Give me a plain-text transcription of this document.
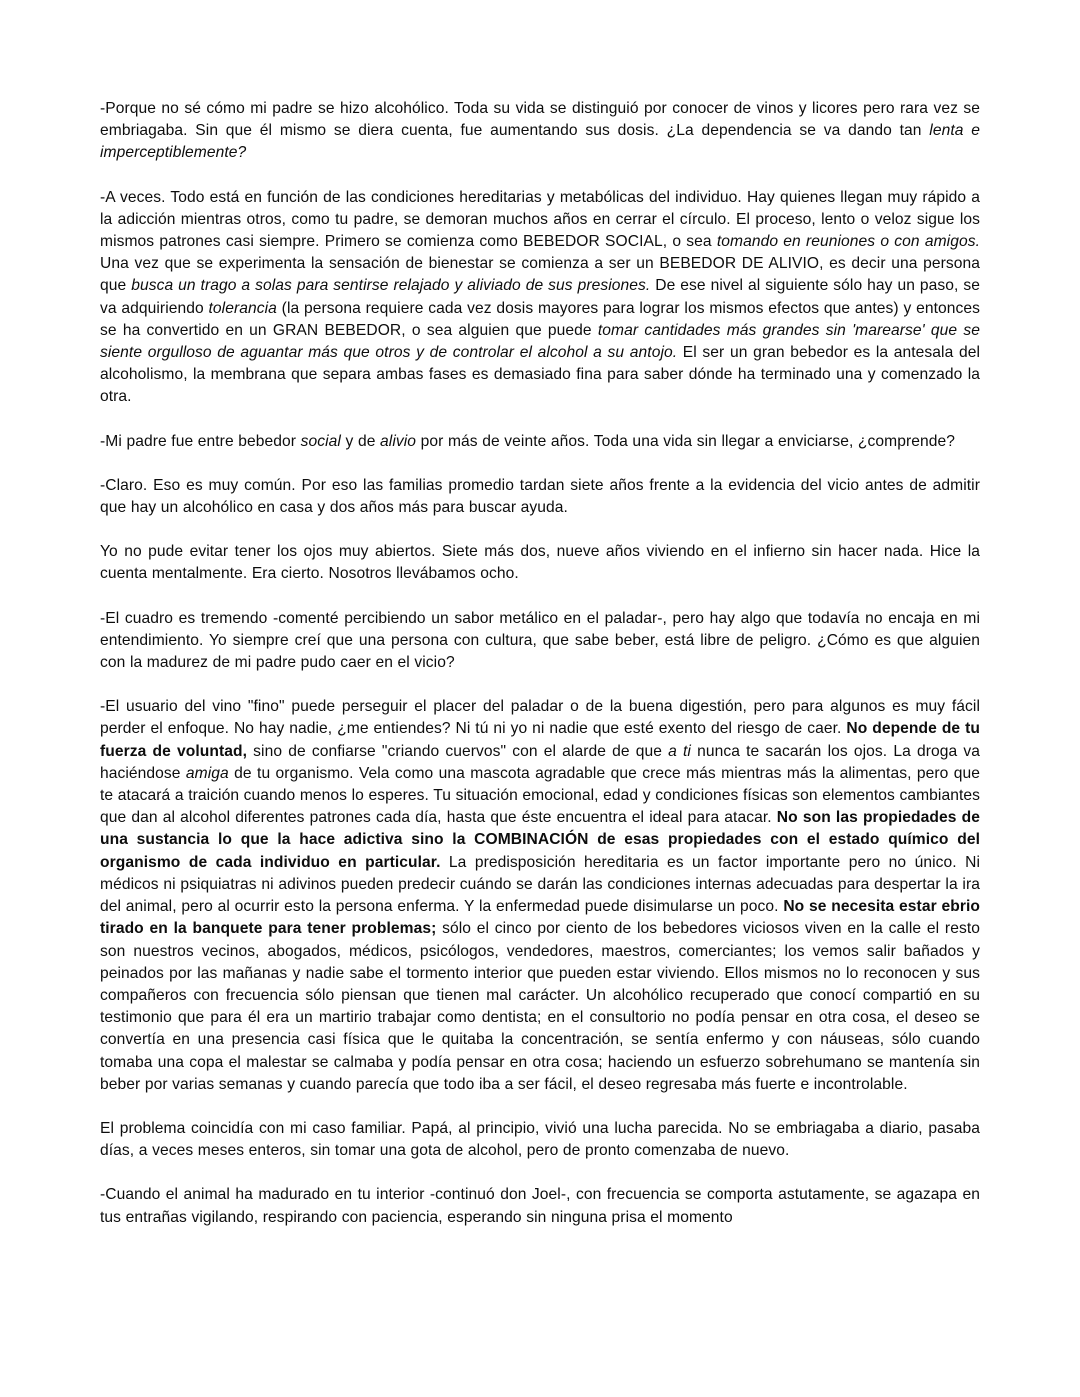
-Porque no sé cómo mi padre se hizo alcohólico. Toda su vida se distinguió por conocer de vinos y licores pero rara vez se embriagaba. Sin que él mismo se diera cuenta, fue aumentando sus dosis. ¿La dependencia se va dando tan lenta e imperceptiblemente?

-A veces. Todo está en función de las condiciones hereditarias y metabólicas del individuo. Hay quienes llegan muy rápido a la adicción mientras otros, como tu padre, se demoran muchos años en cerrar el círculo. El proceso, lento o veloz sigue los mismos patrones casi siempre. Primero se comienza como BEBEDOR SOCIAL, o sea tomando en reuniones o con amigos. Una vez que se experimenta la sensación de bienestar se comienza a ser un BEBEDOR DE ALIVIO, es decir una persona que busca un trago a solas para sentirse relajado y aliviado de sus presiones. De ese nivel al siguiente sólo hay un paso, se va adquiriendo tolerancia (la persona requiere cada vez dosis mayores para lograr los mismos efectos que antes) y entonces se ha convertido en un GRAN BEBEDOR, o sea alguien que puede tomar cantidades más grandes sin 'marearse' que se siente orgulloso de aguantar más que otros y de controlar el alcohol a su antojo. El ser un gran bebedor es la antesala del alcoholismo, la membrana que separa ambas fases es demasiado fina para saber dónde ha terminado una y comenzado la otra.

-Mi padre fue entre bebedor social y de alivio por más de veinte años. Toda una vida sin llegar a enviciarse, ¿comprende?

-Claro. Eso es muy común. Por eso las familias promedio tardan siete años frente a la evidencia del vicio antes de admitir que hay un alcohólico en casa y dos años más para buscar ayuda.

Yo no pude evitar tener los ojos muy abiertos. Siete más dos, nueve años viviendo en el infierno sin hacer nada. Hice la cuenta mentalmente. Era cierto. Nosotros llevábamos ocho.

-El cuadro es tremendo -comenté percibiendo un sabor metálico en el paladar-, pero hay algo que todavía no encaja en mi entendimiento. Yo siempre creí que una persona con cultura, que sabe beber, está libre de peligro. ¿Cómo es que alguien con la madurez de mi padre pudo caer en el vicio?

-El usuario del vino "fino" puede perseguir el placer del paladar o de la buena digestión, pero para algunos es muy fácil perder el enfoque. No hay nadie, ¿me entiendes? Ni tú ni yo ni nadie que esté exento del riesgo de caer. No depende de tu fuerza de voluntad, sino de confiarse "criando cuervos" con el alarde de que a ti nunca te sacarán los ojos. La droga va haciéndose amiga de tu organismo. Vela como una mascota agradable que crece más mientras más la alimentas, pero que te atacará a traición cuando menos lo esperes. Tu situación emocional, edad y condiciones físicas son elementos cambiantes que dan al alcohol diferentes patrones cada día, hasta que éste encuentra el ideal para atacar. No son las propiedades de una sustancia lo que la hace adictiva sino la COMBINACIÓN de esas propiedades con el estado químico del organismo de cada individuo en particular. La predisposición hereditaria es un factor importante pero no único. Ni médicos ni psiquiatras ni adivinos pueden predecir cuándo se darán las condiciones internas adecuadas para despertar la ira del animal, pero al ocurrir esto la persona enferma. Y la enfermedad puede disimularse un poco. No se necesita estar ebrio tirado en la banquete para tener problemas; sólo el cinco por ciento de los bebedores viciosos viven en la calle el resto son nuestros vecinos, abogados, médicos, psicólogos, vendedores, maestros, comerciantes; los vemos salir bañados y peinados por las mañanas y nadie sabe el tormento interior que pueden estar viviendo. Ellos mismos no lo reconocen y sus compañeros con frecuencia sólo piensan que tienen mal carácter. Un alcohólico recuperado que conocí compartió en su testimonio que para él era un martirio trabajar como dentista; en el consultorio no podía pensar en otra cosa, el deseo se convertía en una presencia casi física que le quitaba la concentración, se sentía enfermo y con náuseas, sólo cuando tomaba una copa el malestar se calmaba y podía pensar en otra cosa; haciendo un esfuerzo sobrehumano se mantenía sin beber por varias semanas y cuando parecía que todo iba a ser fácil, el deseo regresaba más fuerte e incontrolable.

El problema coincidía con mi caso familiar. Papá, al principio, vivió una lucha parecida. No se embriagaba a diario, pasaba días, a veces meses enteros, sin tomar una gota de alcohol, pero de pronto comenzaba de nuevo.

-Cuando el animal ha madurado en tu interior -continuó don Joel-, con frecuencia se comporta astutamente, se agazapa en tus entrañas vigilando, respirando con paciencia, esperando sin ninguna prisa el momento
